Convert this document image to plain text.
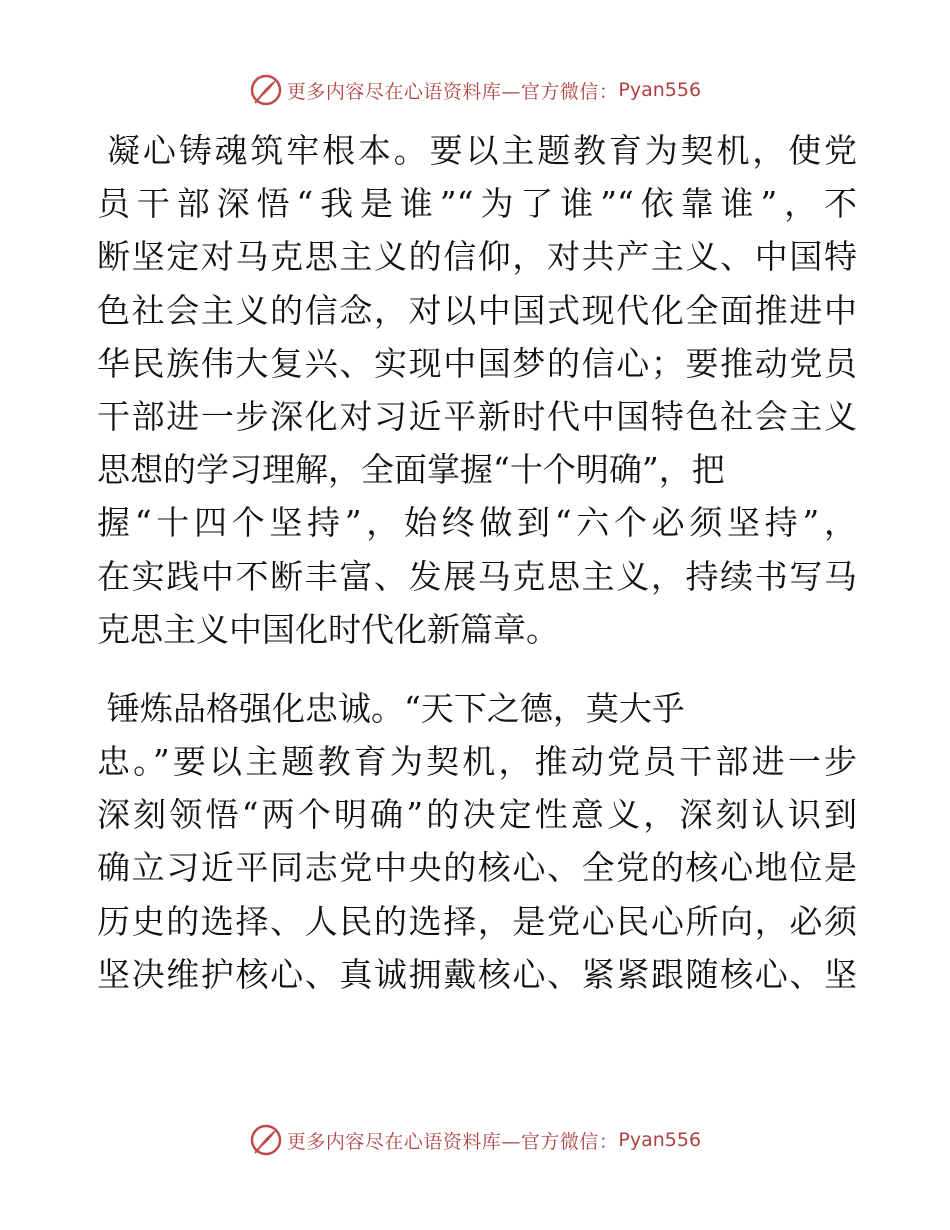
更多内容尽在心语资料库—官方微信： Pyan556
凝心铸魂筑牢根本。要以主题教育为契机，使党
员干部深悟“我是谁”“为了谁”“依靠谁”，不
断坚定对马克思主义的信仰，对共产主义、中国特
色社会主义的信念，对以中国式现代化全面推进中
华民族伟大复兴、实现中国梦的信心；要推动党员
干部进一步深化对习近平新时代中国特色社会主义
思想的学习理解，全面掌握“十个明确”，把
握“十四个坚持”，始终做到“六个必须坚持”，
在实践中不断丰富、发展马克思主义，持续书写马
克思主义中国化时代化新篇章。
锤炼品格强化忠诚。“天下之德，莫大乎
忠。”要以主题教育为契机，推动党员干部进一步
深刻领悟“两个明确”的决定性意义，深刻认识到
确立习近平同志党中央的核心、全党的核心地位是
历史的选择、人民的选择，是党心民心所向，必须
坚决维护核心、真诚拥戴核心、紧紧跟随核心、坚
更多内容尽在心语资料库—官方微信： Pyan556
